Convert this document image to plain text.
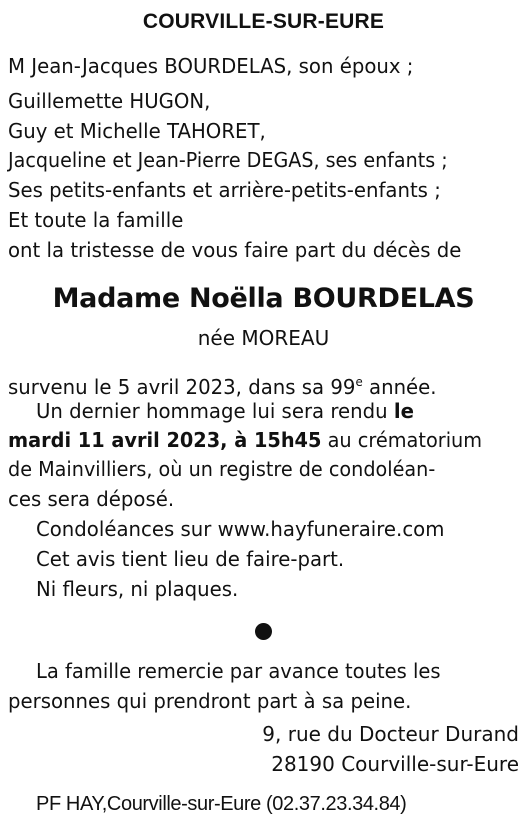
COURVILLE-SUR-EURE
M Jean-Jacques BOURDELAS, son époux ;
Guillemette HUGON,
Guy et Michelle TAHORET,
Jacqueline et Jean-Pierre DEGAS, ses enfants ;
Ses petits-enfants et arrière-petits-enfants ;
Et toute la famille
ont la tristesse de vous faire part du décès de
Madame Noëlla BOURDELAS
née MOREAU
survenu le 5 avril 2023, dans sa 99e année.
Un dernier hommage lui sera rendu le
mardi 11 avril 2023, à 15h45 au crématorium
de Mainvilliers, où un registre de condoléan-
ces sera déposé.
Condoléances sur www.hayfuneraire.com
Cet avis tient lieu de faire-part.
Ni fleurs, ni plaques.
La famille remercie par avance toutes les
personnes qui prendront part à sa peine.
9, rue du Docteur Durand
28190 Courville-sur-Eure
PF HAY,Courville-sur-Eure (02.37.23.34.84)
